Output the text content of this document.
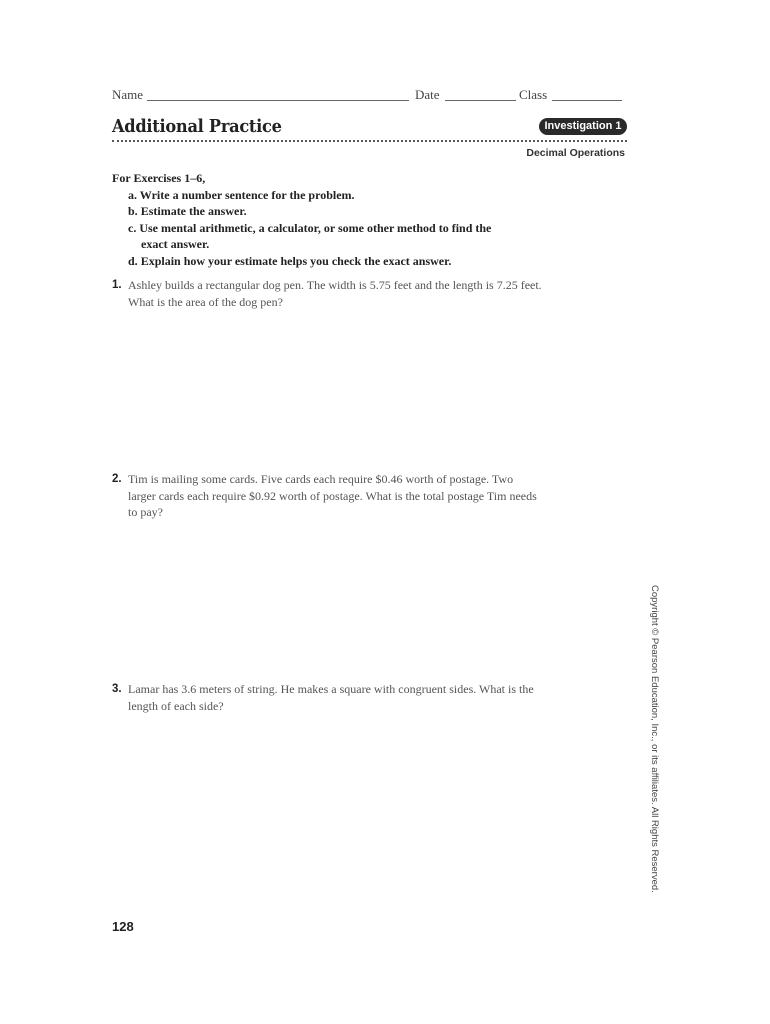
Name	Date	Class
Additional Practice	Investigation 1
Decimal Operations
For Exercises 1–6,
a. Write a number sentence for the problem.
b. Estimate the answer.
c. Use mental arithmetic, a calculator, or some other method to find the
exact answer.
d. Explain how your estimate helps you check the exact answer.
1. Ashley builds a rectangular dog pen. The width is 5.75 feet and the length is 7.25 feet. What is the area of the dog pen?
2. Tim is mailing some cards. Five cards each require $0.46 worth of postage. Two larger cards each require $0.92 worth of postage. What is the total postage Tim needs to pay?
3. Lamar has 3.6 meters of string. He makes a square with congruent sides. What is the length of each side?	Copyright © Pearson Education, Inc., or its affiliates. All Rights Reserved.
128
